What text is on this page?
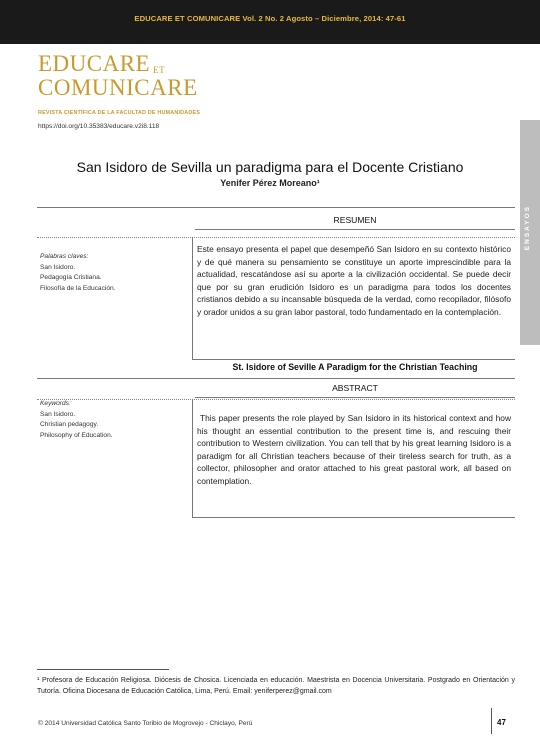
EDUCARE ET COMUNICARE Vol. 2 No. 2 Agosto – Diciembre, 2014: 47-61
EDUCARE $^{ET}$
COMUNICARE
REVISTA CIENTÍFICA DE LA FACULTAD DE HUMANIDADES
https://doi.org/10.35383/educare.v2i8.118
ENSAYOS
San Isidoro de Sevilla un paradigma para el Docente Cristiano
Yenifer Pérez Moreano¹
RESUMEN
Palabras claves:
San Isidoro.
Pedagogía Cristiana.
Filosofía de la Educación.
Este ensayo presenta el papel que desempeñó San Isidoro en su contexto histórico y de qué manera su pensamiento se constituye un aporte imprescindible para la actualidad, rescatándose así su aporte a la civilización occidental. Se puede decir que por su gran erudición Isidoro es un paradigma para todos los docentes cristianos debido a su incansable búsqueda de la verdad, como recopilador, filósofo y orador unidos a su gran labor pastoral, todo fundamentado en la contemplación.
St. Isidore of Seville A Paradigm for the Christian Teaching
ABSTRACT
Keywords:
San Isidoro.
Christian pedagogy.
Philosophy of Education.
This paper presents the role played by San Isidoro in its historical context and how his thought an essential contribution to the present time is, and rescuing their contribution to Western civilization. You can tell that by his great learning Isidoro is a paradigm for all Christian teachers because of their tireless search for truth, as a collector, philosopher and orator attached to his great pastoral work, all based on contemplation.
¹ Profesora de Educación Religiosa. Diócesis de Chosica. Licenciada en educación. Maestrista en Docencia Universitaria. Postgrado en Orientación y Tutoría. Oficina Diocesana de Educación Católica, Lima, Perú. Email: yeniferperez@gmail.com
© 2014 Universidad Católica Santo Toribio de Mogrovejo - Chiclayo, Perú	47
